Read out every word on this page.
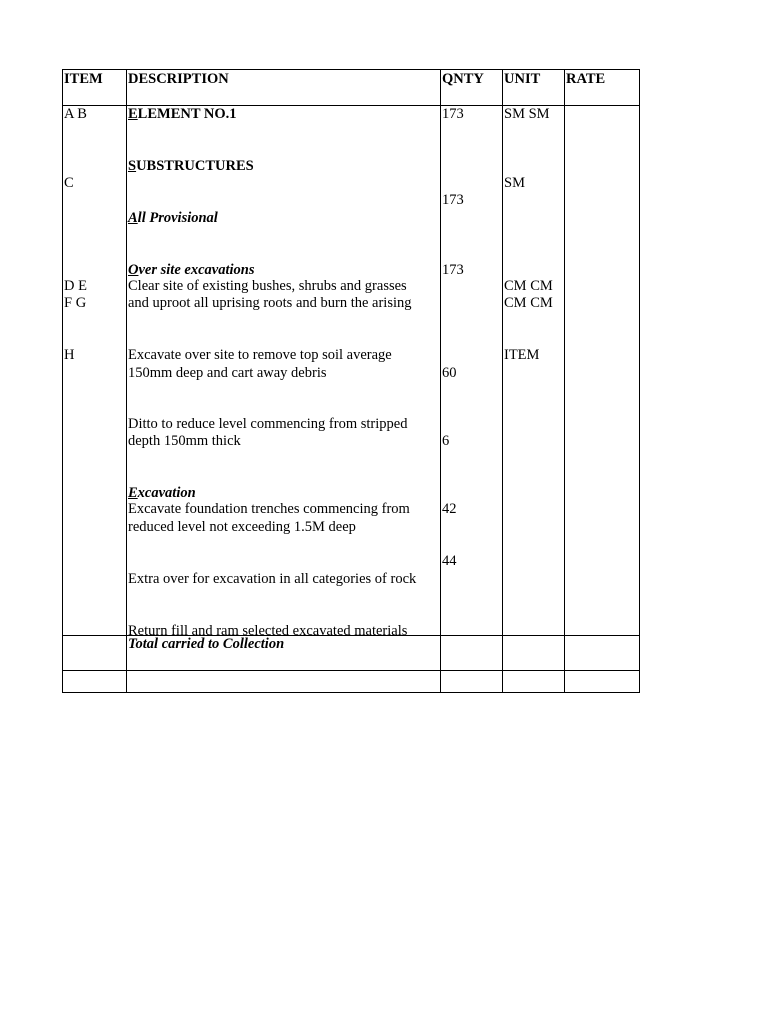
ITEM DESCRIPTION	QNTY UNIT RATE
A B
C
D E
F G
H
ELEMENT NO.1
SUBSTRUCTURES
All Provisional
Over site excavations
Clear site of existing bushes, shrubs and grasses
and uproot all uprising roots and burn the arising
Excavate over site to remove top soil average
150mm deep and cart away debris
Ditto to reduce level commencing from stripped
depth 150mm thick
Excavation
Excavate foundation trenches commencing from
reduced level not exceeding 1.5M deep
Extra over for excavation in all categories of rock
Return fill and ram selected excavated materials
173
173
173
60
6
42
44
SM SM
SM
CM CM
CM CM
ITEM
Total carried to Collection
